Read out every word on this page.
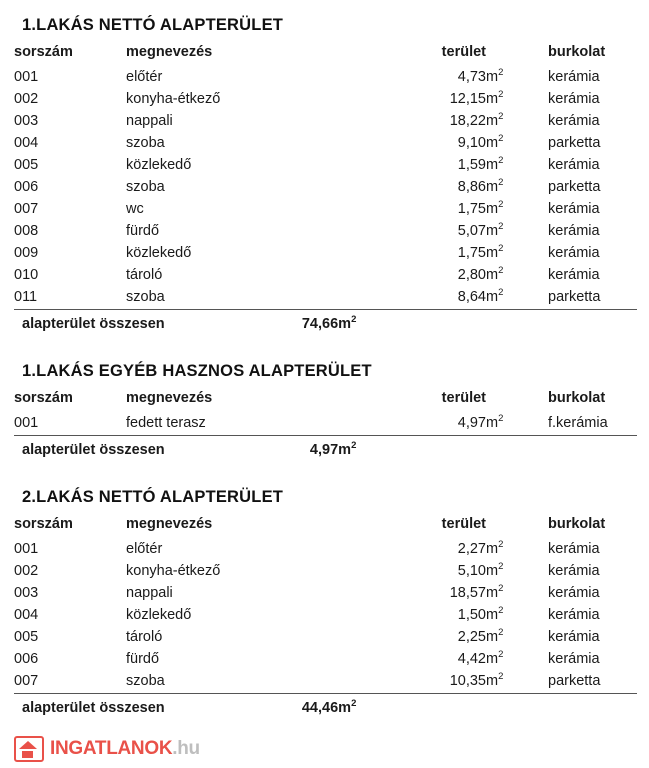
1.LAKÁS NETTÓ ALAPTERÜLET
sorszám	megnevezés	terület		burkolat
001	előtér	4,73	$m^2$	kerámia
002	konyha-étkező	12,15	$m^2$	kerámia
003	nappali	18,22	$m^2$	kerámia
004	szoba	9,10	$m^2$	parketta
005	közlekedő	1,59	$m^2$	kerámia
006	szoba	8,86	$m^2$	parketta
007	wc	1,75	$m^2$	kerámia
008	fürdő	5,07	$m^2$	kerámia
009	közlekedő	1,75	$m^2$	kerámia
010	tároló	2,80	$m^2$	kerámia
011	szoba	8,64	$m^2$	parketta
alapterület összesen	74,66	$m^2$	
1.LAKÁS EGYÉB HASZNOS ALAPTERÜLET
sorszám	megnevezés	terület		burkolat
001	fedett terasz	4,97	$m^2$	f.kerámia
alapterület összesen	4,97	$m^2$	
2.LAKÁS NETTÓ ALAPTERÜLET
sorszám	megnevezés	terület		burkolat
001	előtér	2,27	$m^2$	kerámia
002	konyha-étkező	5,10	$m^2$	kerámia
003	nappali	18,57	$m^2$	kerámia
004	közlekedő	1,50	$m^2$	kerámia
005	tároló	2,25	$m^2$	kerámia
006	fürdő	4,42	$m^2$	kerámia
007	szoba	10,35	$m^2$	parketta
alapterület összesen	44,46	$m^2$	
INGATLANOK.hu
